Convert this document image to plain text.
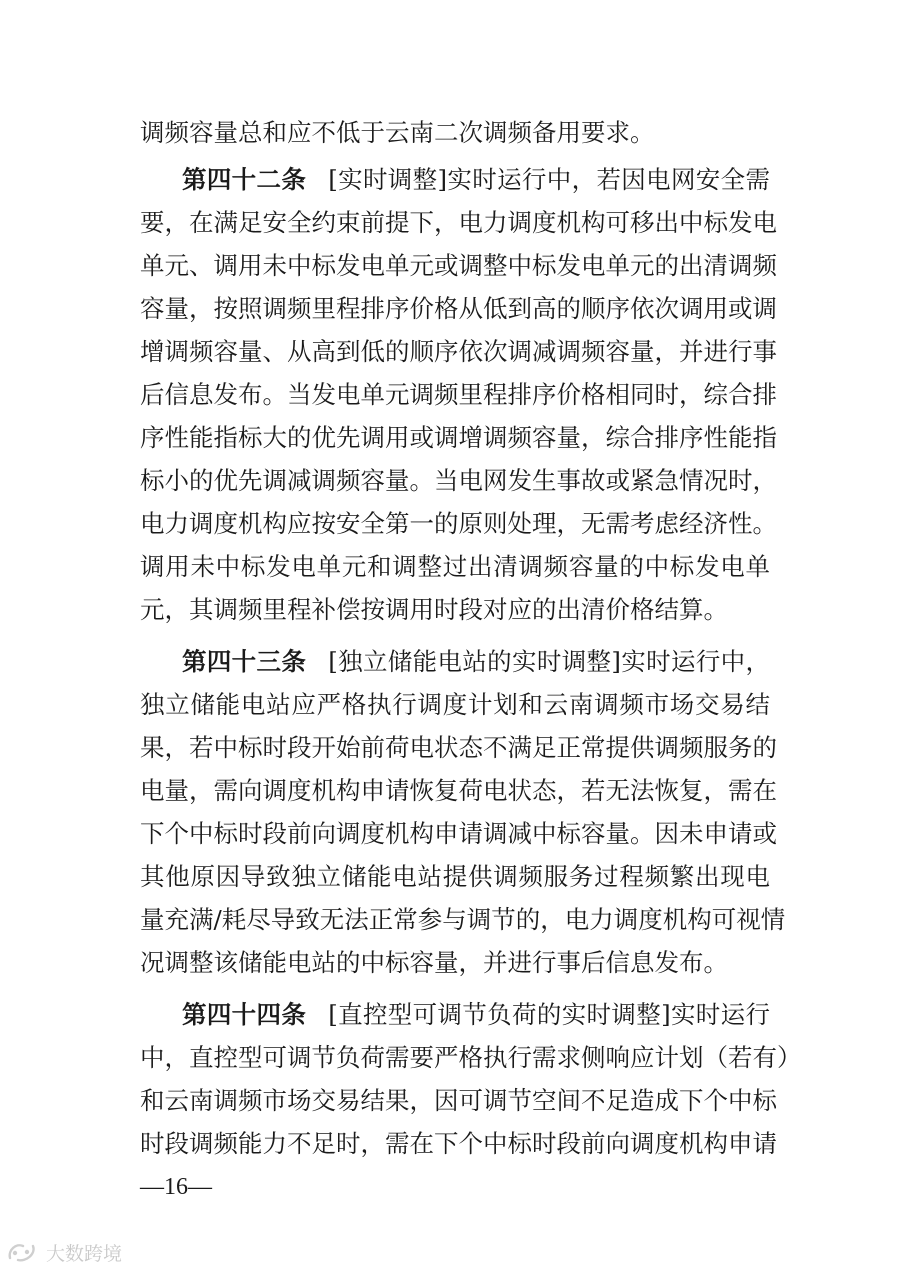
调频容量总和应不低于云南二次调频备用要求。
第四十二条 [实时调整]实时运行中，若因电网安全需
要，在满足安全约束前提下，电力调度机构可移出中标发电
单元、调用未中标发电单元或调整中标发电单元的出清调频
容量，按照调频里程排序价格从低到高的顺序依次调用或调
增调频容量、从高到低的顺序依次调减调频容量，并进行事
后信息发布。当发电单元调频里程排序价格相同时，综合排
序性能指标大的优先调用或调增调频容量，综合排序性能指
标小的优先调减调频容量。当电网发生事故或紧急情况时，
电力调度机构应按安全第一的原则处理，无需考虑经济性。
调用未中标发电单元和调整过出清调频容量的中标发电单
元，其调频里程补偿按调用时段对应的出清价格结算。
第四十三条 [独立储能电站的实时调整]实时运行中，
独立储能电站应严格执行调度计划和云南调频市场交易结
果，若中标时段开始前荷电状态不满足正常提供调频服务的
电量，需向调度机构申请恢复荷电状态，若无法恢复，需在
下个中标时段前向调度机构申请调减中标容量。因未申请或
其他原因导致独立储能电站提供调频服务过程频繁出现电
量充满/耗尽导致无法正常参与调节的，电力调度机构可视情
况调整该储能电站的中标容量，并进行事后信息发布。
第四十四条 [直控型可调节负荷的实时调整]实时运行
中，直控型可调节负荷需要严格执行需求侧响应计划（若有）
和云南调频市场交易结果，因可调节空间不足造成下个中标
时段调频能力不足时，需在下个中标时段前向调度机构申请
—16—
大数跨境
